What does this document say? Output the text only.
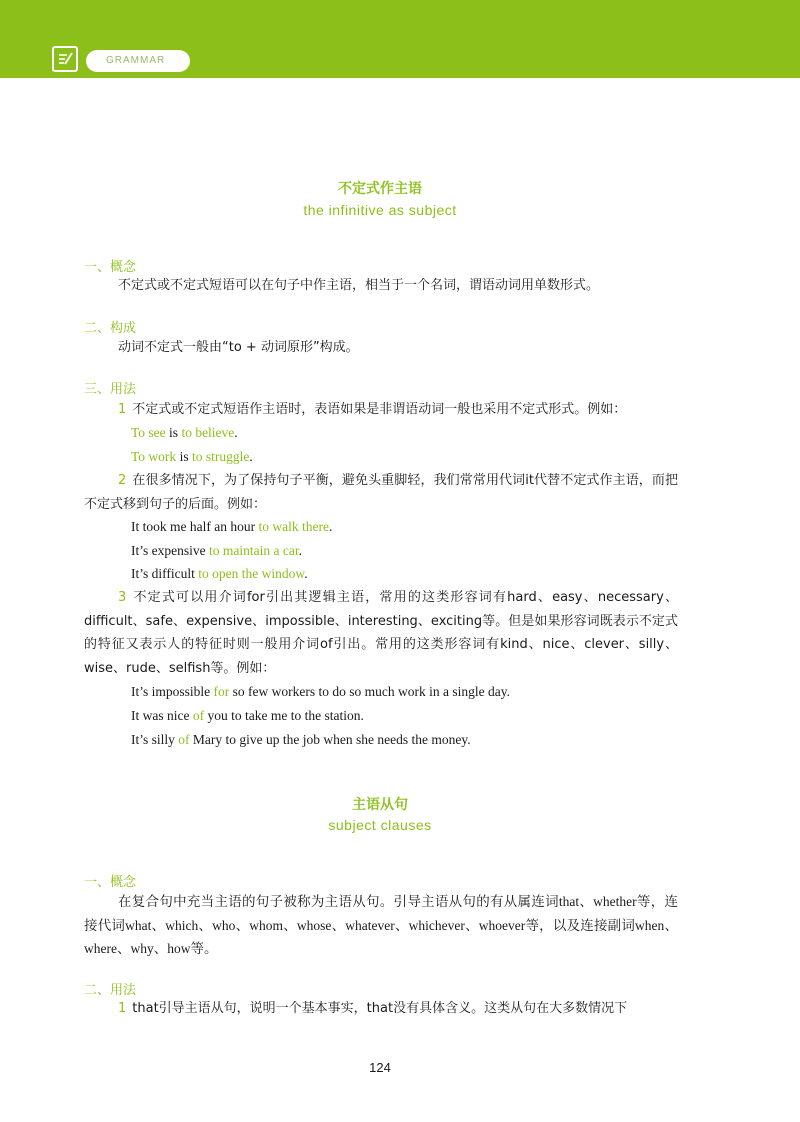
GRAMMAR
不定式作主语
the infinitive as subject
一、概念
不定式或不定式短语可以在句子中作主语，相当于一个名词，谓语动词用单数形式。
二、构成
动词不定式一般由“to + 动词原形”构成。
三、用法
1 不定式或不定式短语作主语时，表语如果是非谓语动词一般也采用不定式形式。例如：
To see is to believe.
To work is to struggle.
2 在很多情况下，为了保持句子平衡，避免头重脚轻，我们常常用代词it代替不定式作主语，而把不定式移到句子的后面。例如：
It took me half an hour to walk there.
It’s expensive to maintain a car.
It’s difficult to open the window.
3 不定式可以用介词for引出其逻辑主语，常用的这类形容词有hard、easy、necessary、difficult、safe、expensive、impossible、interesting、exciting等。但是如果形容词既表示不定式的特征又表示人的特征时则一般用介词of引出。常用的这类形容词有kind、nice、clever、silly、wise、rude、selfish等。例如：
It’s impossible for so few workers to do so much work in a single day.
It was nice of you to take me to the station.
It’s silly of Mary to give up the job when she needs the money.
主语从句
subject clauses
一、概念
在复合句中充当主语的句子被称为主语从句。引导主语从句的有从属连词that、whether等，连接代词what、which、who、whom、whose、whatever、whichever、whoever等，以及连接副词when、where、why、how等。
二、用法
1 that引导主语从句，说明一个基本事实，that没有具体含义。这类从句在大多数情况下
124
